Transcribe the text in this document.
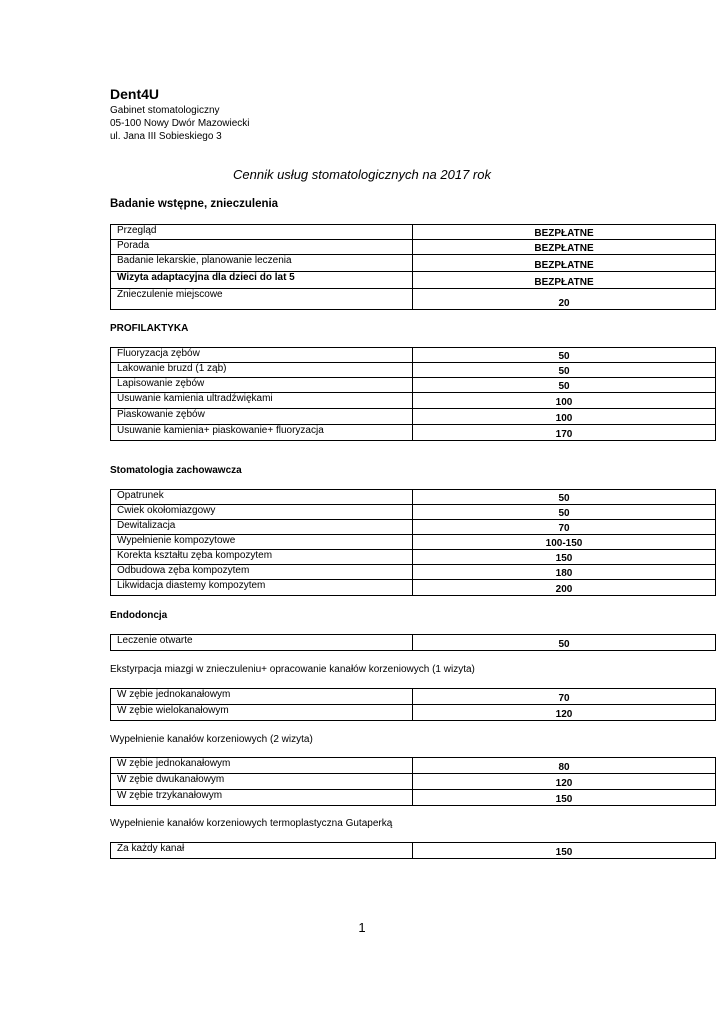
Dent4U
Gabinet stomatologiczny
05-100 Nowy Dwór Mazowiecki
ul. Jana III Sobieskiego 3
Cennik usług stomatologicznych na 2017 rok
Badanie wstępne, znieczulenia
Przegląd	BEZPŁATNE
Porada	BEZPŁATNE
Badanie lekarskie, planowanie leczenia	BEZPŁATNE
Wizyta adaptacyjna dla dzieci do lat 5	BEZPŁATNE
Znieczulenie miejscowe	20
PROFILAKTYKA
Fluoryzacja zębów	50
Lakowanie bruzd (1 ząb)	50
Lapisowanie zębów	50
Usuwanie kamienia ultradźwiękami	100
Piaskowanie zębów	100
Usuwanie kamienia+ piaskowanie+ fluoryzacja	170
Stomatologia zachowawcza
Opatrunek	50
Ćwiek okołomiazgowy	50
Dewitalizacja	70
Wypełnienie kompozytowe	100-150
Korekta kształtu zęba kompozytem	150
Odbudowa zęba kompozytem	180
Likwidacja diastemy kompozytem	200
Endodoncja
Leczenie otwarte	50
Ekstyrpacja miazgi w znieczuleniu+ opracowanie kanałów korzeniowych (1 wizyta)
W zębie jednokanałowym	70
W zębie wielokanałowym	120
Wypełnienie kanałów korzeniowych (2 wizyta)
W zębie jednokanałowym	80
W zębie dwukanałowym	120
W zębie trzykanałowym	150
Wypełnienie kanałów korzeniowych termoplastyczna Gutaperką
Za każdy kanał	150
1
